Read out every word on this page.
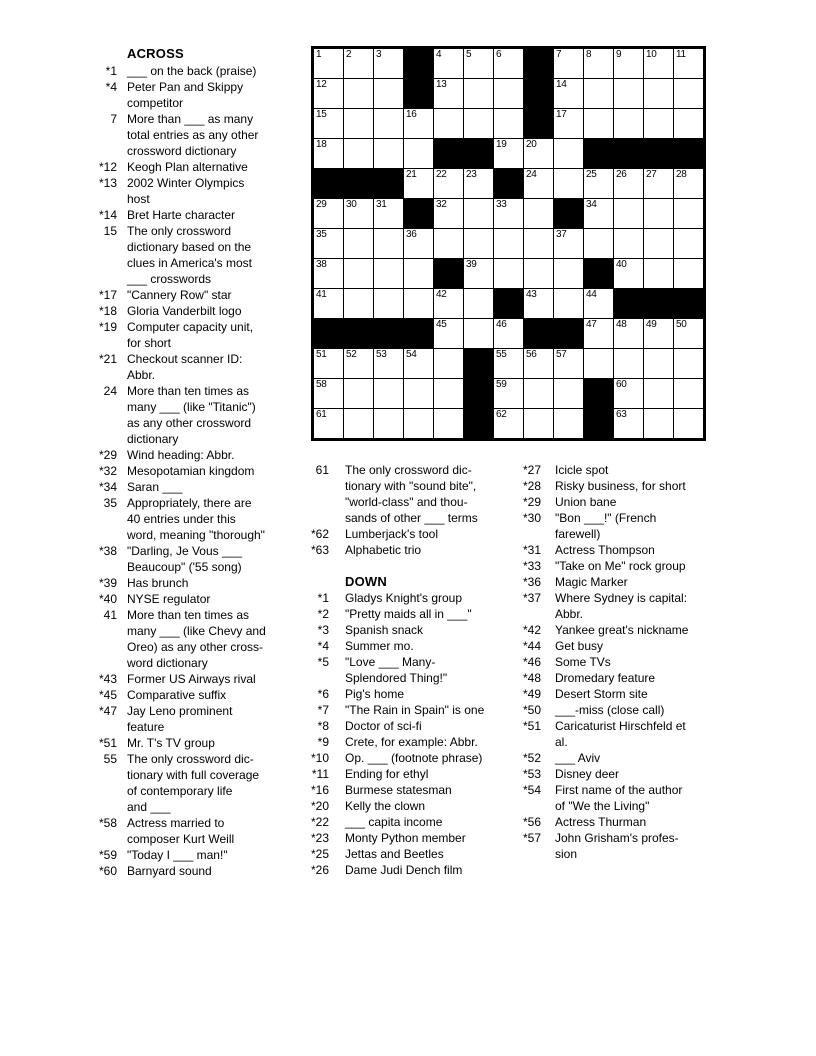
ACROSS
*1 ___ on the back (praise)
*4 Peter Pan and Skippy
competitor
7 More than ___ as many
total entries as any other
crossword dictionary
*12 Keogh Plan alternative
*13 2002 Winter Olympics
host
*14 Bret Harte character
15 The only crossword
dictionary based on the
clues in America's most
___ crosswords
*17 "Cannery Row" star
*18 Gloria Vanderbilt logo
*19 Computer capacity unit,
for short
*21 Checkout scanner ID:
Abbr.
24 More than ten times as
many ___ (like "Titanic")
as any other crossword
dictionary
*29 Wind heading: Abbr.
*32 Mesopotamian kingdom
*34 Saran ___
35 Appropriately, there are
40 entries under this
word, meaning "thorough"
*38 "Darling, Je Vous ___
Beaucoup" ('55 song)
*39 Has brunch
*40 NYSE regulator
41 More than ten times as
many ___ (like Chevy and
Oreo) as any other cross-
word dictionary
*43 Former US Airways rival
*45 Comparative suffix
*47 Jay Leno prominent
feature
*51 Mr. T's TV group
55 The only crossword dic-
tionary with full coverage
of contemporary life
and ___
*58 Actress married to
composer Kurt Weill
*59 "Today I ___ man!"
*60 Barnyard sound
1 2 3	4 5 6	7 8 9 10 11
12	13	14
15	16	17
18	19 20
21 22 23	24	25 26 27 28
29 30 31	32	33	34
35	36	37
38	39	40
41	42	43	44
45	46	47 48 49 50
51 52 53 54	55 56 57
58	59	60
61	62	63
61	The only crossword dic-
tionary with "sound bite",
"world-class" and thou-
sands of other ___ terms
*62	Lumberjack's tool
*63	Alphabetic trio
DOWN
*1	Gladys Knight's group
*2	"Pretty maids all in ___"
*3	Spanish snack
*4	Summer mo.
*5	"Love ___ Many-
Splendored Thing!"
*6	Pig's home
*7	"The Rain in Spain" is one
*8	Doctor of sci-fi
*9	Crete, for example: Abbr.
*10	Op. ___ (footnote phrase)
*11	Ending for ethyl
*16	Burmese statesman
*20	Kelly the clown
*22	___ capita income
*23	Monty Python member
*25	Jettas and Beetles
*26	Dame Judi Dench film
*27	Icicle spot
*28	Risky business, for short
*29	Union bane
*30	"Bon ___!" (French
farewell)
*31	Actress Thompson
*33	"Take on Me" rock group
*36	Magic Marker
*37	Where Sydney is capital:
Abbr.
*42	Yankee great's nickname
*44	Get busy
*46	Some TVs
*48	Dromedary feature
*49	Desert Storm site
*50	___-miss (close call)
*51	Caricaturist Hirschfeld et
al.
*52	___ Aviv
*53	Disney deer
*54	First name of the author
of "We the Living"
*56	Actress Thurman
*57	John Grisham's profes-
sion
